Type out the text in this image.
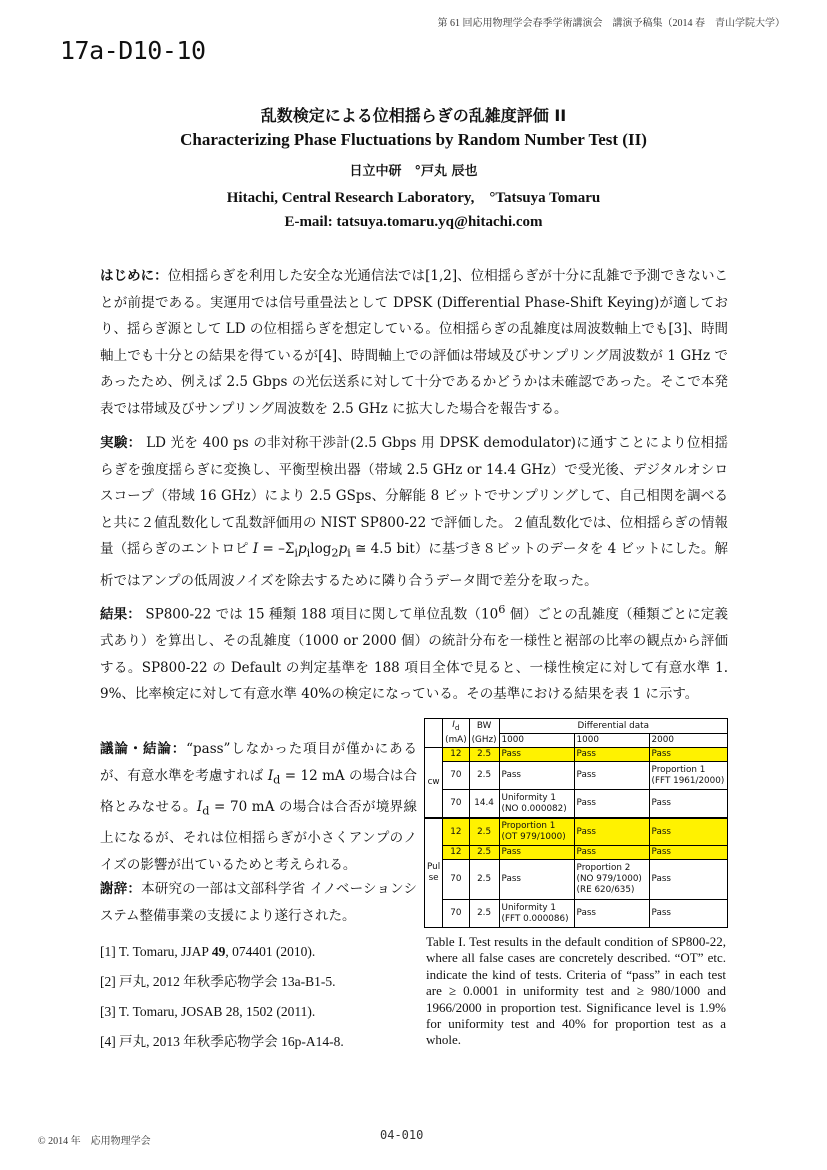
第 61 回応用物理学会春季学術講演会　講演予稿集（2014 春　青山学院大学）
17a-D10-10
乱数検定による位相揺らぎの乱雑度評価 II
Characterizing Phase Fluctuations by Random Number Test (II)
日立中研　°戸丸 辰也
Hitachi, Central Research Laboratory,　°Tatsuya Tomaru
E-mail: tatsuya.tomaru.yq@hitachi.com

はじめに：位相揺らぎを利用した安全な光通信法では[1,2]、位相揺らぎが十分に乱雑で予測できないことが前提である。実運用では信号重畳法として DPSK (Differential Phase-Shift Keying)が適しており、揺らぎ源として LD の位相揺らぎを想定している。位相揺らぎの乱雑度は周波数軸上でも[3]、時間軸上でも十分との結果を得ているが[4]、時間軸上での評価は帯域及びサンプリング周波数が 1 GHz であったため、例えば 2.5 Gbps の光伝送系に対して十分であるかどうかは未確認であった。そこで本発表では帯域及びサンプリング周波数を 2.5 GHz に拡大した場合を報告する。

実験： LD 光を 400 ps の非対称干渉計(2.5 Gbps 用 DPSK demodulator)に通すことにより位相揺らぎを強度揺らぎに変換し、平衡型検出器（帯域 2.5 GHz or 14.4 GHz）で受光後、デジタルオシロスコープ（帯域 16 GHz）により 2.5 GSps、分解能 8 ビットでサンプリングして、自己相関を調べると共に２値乱数化して乱数評価用の NIST SP800-22 で評価した。２値乱数化では、位相揺らぎの情報量（揺らぎのエントロピ $I = -\Sigma_ip_i\log_2p_i$ ≅ 4.5 bit）に基づき８ビットのデータを 4 ビットにした。解析ではアンプの低周波ノイズを除去するために隣り合うデータ間で差分を取った。

結果： SP800-22 では 15 種類 188 項目に関して単位乱数（$10^6$ 個）ごとの乱雑度（種類ごとに定義式あり）を算出し、その乱雑度（1000 or 2000 個）の統計分布を一様性と裾部の比率の観点から評価する。SP800-22 の Default の判定基準を 188 項目全体で見ると、一様性検定に対して有意水準 1.9%、比率検定に対して有意水準 40%の検定になっている。その基準における結果を表 1 に示す。

議論・結論：“pass”しなかった項目が僅かにあるが、有意水準を考慮すれば $I_d = 12$ mA の場合は合格とみなせる。$I_d = 70$ mA の場合は合否が境界線上になるが、それは位相揺らぎが小さくアンプのノイズの影響が出ているためと考えられる。

謝辞：本研究の一部は文部科学省 イノベーションシステム整備事業の支援により遂行された。

[1] T. Tomaru, JJAP 49, 074401 (2010).
[2] 戸丸, 2012 年秋季応物学会 13a-B1-5.
[3] T. Tomaru, JOSAB 28, 1502 (2011).
[4] 戸丸, 2013 年秋季応物学会 16p-A14-8.
	$I_d$	BW	Differential data		
	(mA)	(GHz)	1000	1000	2000
cw	12	2.5	Pass	Pass	Pass
	70	2.5	Pass	Pass	Proportion 1 (FFT 1961/2000)
	70	14.4	Uniformity 1 (NO 0.000082)	Pass	Pass
Pul se	12	2.5	Proportion 1 (OT 979/1000)	Pass	Pass
	12	2.5	Pass	Pass	Pass
	70	2.5	Pass	Proportion 2 (NO 979/1000) (RE 620/635)	Pass
	70	2.5	Uniformity 1 (FFT 0.000086)	Pass	Pass
Table I. Test results in the default condition of SP800-22, where all false cases are concretely described. “OT” etc. indicate the kind of tests. Criteria of “pass” in each test are ≥ 0.0001 in uniformity test and ≥ 980/1000 and 1966/2000 in proportion test. Significance level is 1.9% for uniformity test and 40% for proportion test as a whole.
© 2014 年　応用物理学会	04-010
